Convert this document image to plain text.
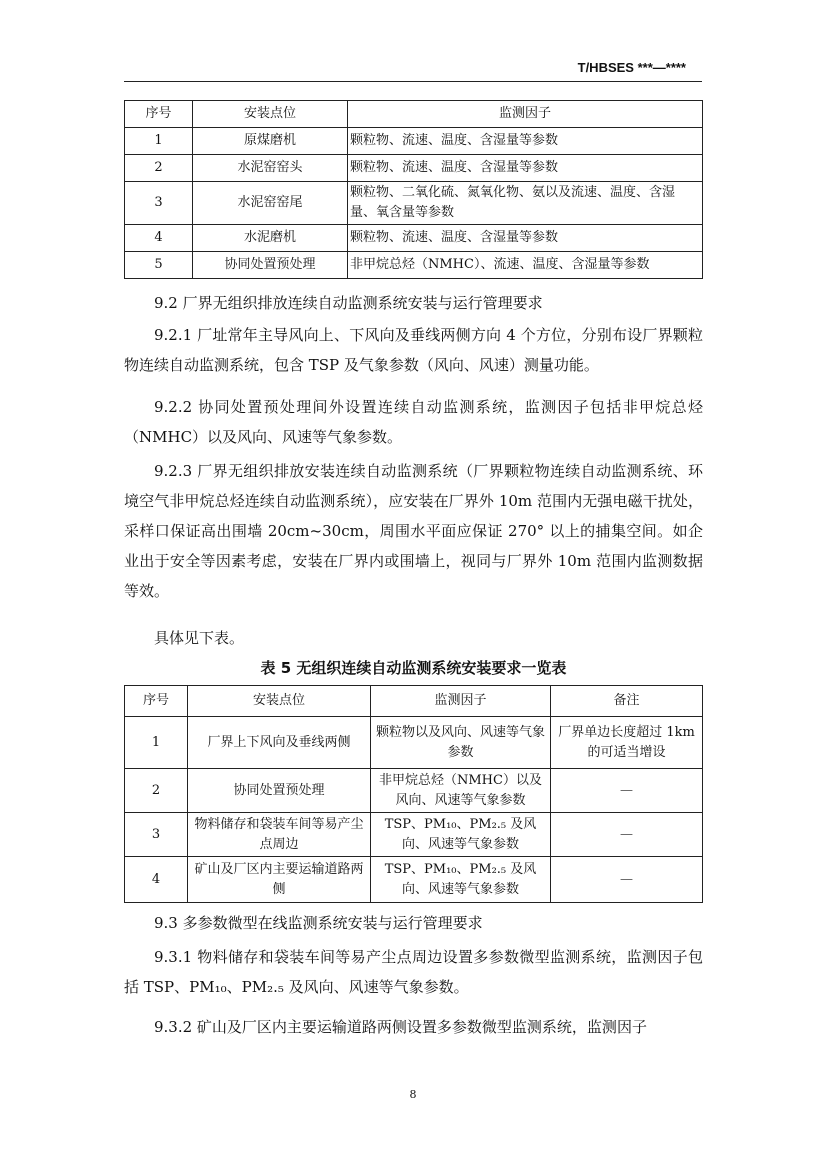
T/HBSES ***—****
序号	安装点位	监测因子
1	原煤磨机	颗粒物、流速、温度、含湿量等参数
2	水泥窑窑头	颗粒物、流速、温度、含湿量等参数
3	水泥窑窑尾	颗粒物、二氧化硫、氮氧化物、氨以及流速、温度、含湿量、氧含量等参数
4	水泥磨机	颗粒物、流速、温度、含湿量等参数
5	协同处置预处理	非甲烷总烃（NMHC）、流速、温度、含湿量等参数

9.2 厂界无组织排放连续自动监测系统安装与运行管理要求

9.2.1 厂址常年主导风向上、下风向及垂线两侧方向 4 个方位，分别布设厂界颗粒物连续自动监测系统，包含 TSP 及气象参数（风向、风速）测量功能。

9.2.2 协同处置预处理间外设置连续自动监测系统，监测因子包括非甲烷总烃（NMHC）以及风向、风速等气象参数。

9.2.3 厂界无组织排放安装连续自动监测系统（厂界颗粒物连续自动监测系统、环境空气非甲烷总烃连续自动监测系统），应安装在厂界外 10m 范围内无强电磁干扰处，采样口保证高出围墙 20cm~30cm，周围水平面应保证 270° 以上的捕集空间。如企业出于安全等因素考虑，安装在厂界内或围墙上，视同与厂界外 10m 范围内监测数据等效。

具体见下表。

表 5 无组织连续自动监测系统安装要求一览表
序号	安装点位	监测因子	备注
1	厂界上下风向及垂线两侧	颗粒物以及风向、风速等气象参数	厂界单边长度超过 1km 的可适当增设
2	协同处置预处理	非甲烷总烃（NMHC）以及风向、风速等气象参数	—
3	物料储存和袋装车间等易产尘点周边	TSP、PM₁₀、PM₂.₅ 及风向、风速等气象参数	—
4	矿山及厂区内主要运输道路两侧	TSP、PM₁₀、PM₂.₅ 及风向、风速等气象参数	—

9.3 多参数微型在线监测系统安装与运行管理要求

9.3.1 物料储存和袋装车间等易产尘点周边设置多参数微型监测系统，监测因子包括 TSP、PM₁₀、PM₂.₅ 及风向、风速等气象参数。

9.3.2 矿山及厂区内主要运输道路两侧设置多参数微型监测系统，监测因子

8
